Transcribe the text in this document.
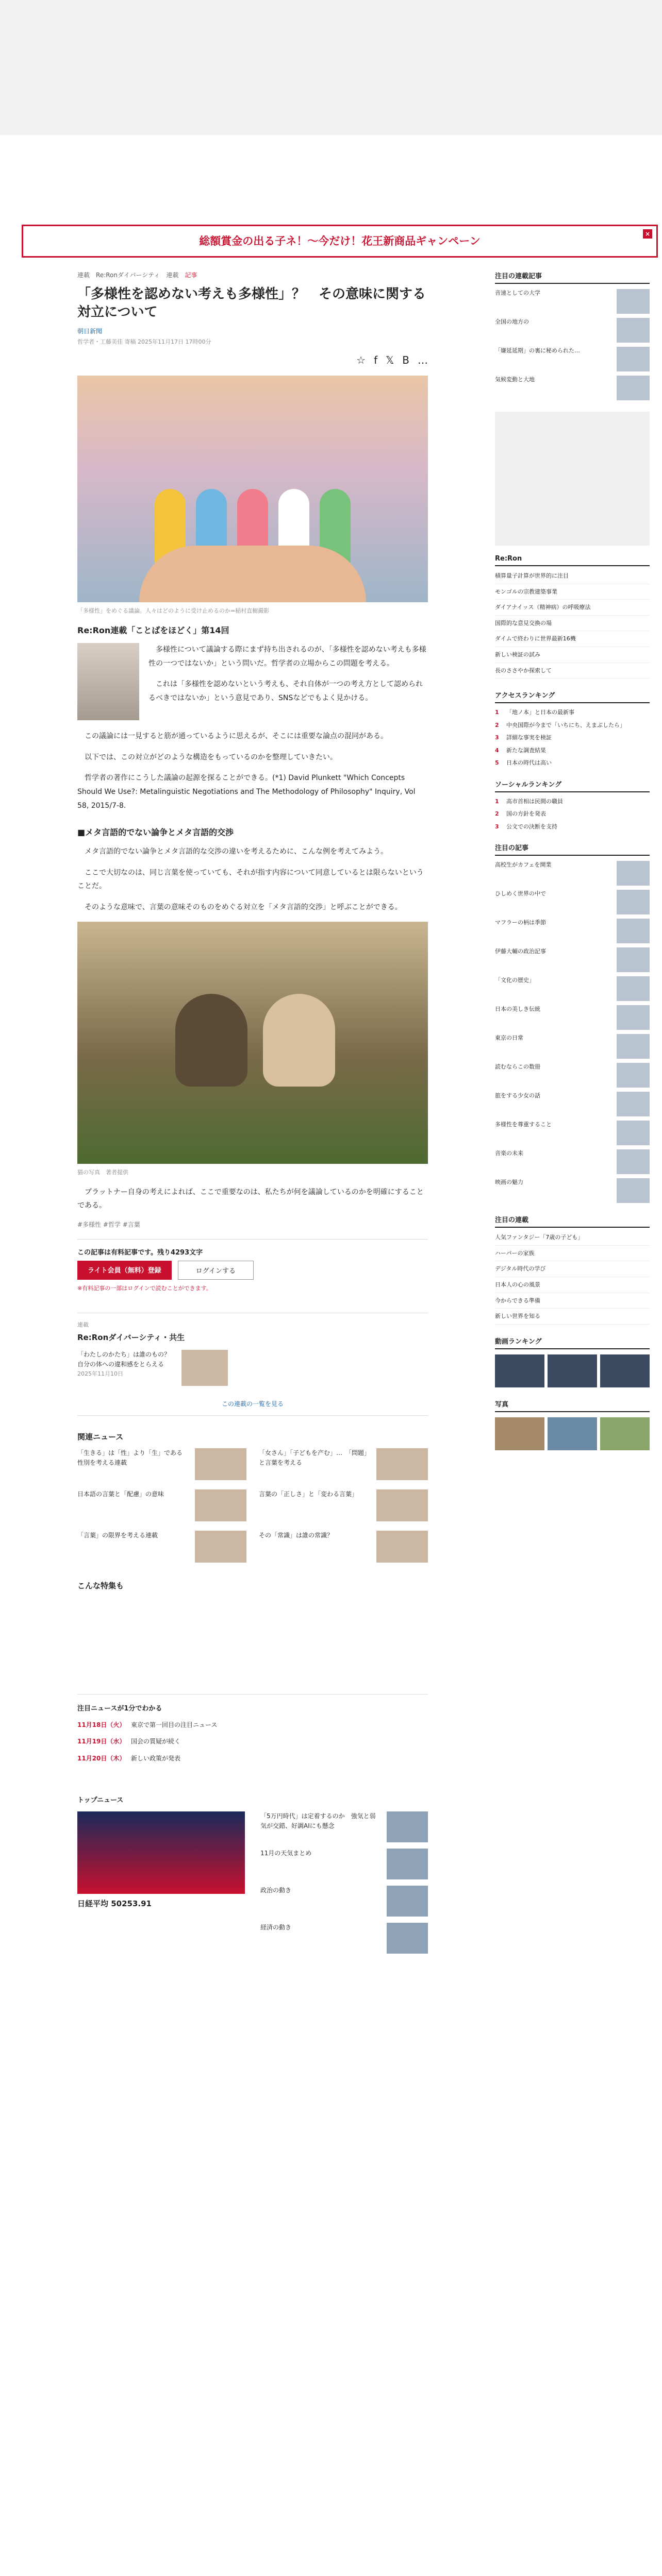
総額賞金の出る子ネ！〜今だけ！花王新商品ギャンペーン
×
連載 Re:Ronダイバーシティ 連載 記事
「多様性を認めない考えも多様性」？　その意味に関する対立について
朝日新聞
哲学者・工藤美佳 寄稿 2025年11月17日 17時00分
☆ f 𝕏 B …
「多様性」をめぐる議論。人々はどのように受け止めるのか=稲村直樹撮影
Re:Ron連載「ことばをほどく」第14回

多様性について議論する際にまず持ち出されるのが、「多様性を認めない考えも多様性の一つではないか」という問いだ。哲学者の立場からこの問題を考える。

これは「多様性を認めないという考えも、それ自体が一つの考え方として認められるべきではないか」という意見であり、SNSなどでもよく見かける。

この議論には一見すると筋が通っているように思えるが、そこには重要な論点の混同がある。

以下では、この対立がどのような構造をもっているのかを整理していきたい。

哲学者の著作にこうした議論の起源を探ることができる。(*1) David Plunkett "Which Concepts Should We Use?: Metalinguistic Negotiations and The Methodology of Philosophy" Inquiry, Vol 58, 2015/7-8.

■メタ言語的でない論争とメタ言語的交渉

メタ言語的でない論争とメタ言語的な交渉の違いを考えるために、こんな例を考えてみよう。

ここで大切なのは、同じ言葉を使っていても、それが指す内容について同意しているとは限らないということだ。

そのような意味で、言葉の意味そのものをめぐる対立を「メタ言語的交渉」と呼ぶことができる。

猫の写真　著者提供

プラットナー自身の考えによれば、ここで重要なのは、私たちが何を議論しているのかを明確にすることである。

#多様性 #哲学 #言葉
この記事は有料記事です。残り4293文字
ライト会員（無料）登録	ログインする
※有料記事の一部はログインで読むことができます。
連載
Re:Ronダイバーシティ・共生
「わたしのかたち」は誰のもの？　自分の体への違和感をとらえる
2025年11月10日
この連載の一覧を見る
関連ニュース
「生きる」は「性」より「生」である　性別を考える連載
「女さん」「子どもを产む」…　「問題」と言葉を考える
日本語の言葉と「配慮」の意味	言葉の「正しさ」と「変わる言葉」
「言葉」の限界を考える連載	その「常識」は誰の常識？
こんな特集も
注目ニュースが1分でわかる
11月18日（火） 東京で第一回目の注目ニュース
11月19日（水） 国会の質疑が続く
11月20日（木） 新しい政策が発表
トップニュース
日経平均 50253.91
「5万円時代」は定着するのか　強気と弱気が交錯、好調AIにも懸念
11月の天気まとめ
政治の動き
経済の動き
注目の連載記事
音速としての大学
全国の地方の
「嫌延延期」の裏に秘められた…
気候変動と大地
Re:Ron
積算量子計算が世界的に注目
モンゴルの宗教建築事業
ダイアナイッス（精神病）の呼吸療法
国際的な意見交換の場
ダイムで終わりに世界最新16機
新しい検証の試み
長のささやか探索して
アクセスランキング
1	「地ノ本」と日本の最新事
2	中央国際が今まで「いちにち、えまぶしたら」
3	詳細な事実を検証
4	新たな調査結果
5	日本の時代は高い
ソーシャルランキング
1	高市首相は民間の職員
2	国の方針を発表
3	公文での決断を支持
注目の記事
高校生がカフェを開業
ひしめく世界の中で
マフラーの柄は季節
伊藤大輔の政治記事
「文化の歴史」
日本の美しき伝統
東京の日常
読むならこの数冊
旅をする少女の話
多様性を尊重すること
音楽の未来
映画の魅力
注目の連載
人気ファンタジー「7歳の子ども」
ハーパーの家族
デジタル時代の学び
日本人の心の風景
今からできる準備
新しい世界を知る
動画ランキング
写真
